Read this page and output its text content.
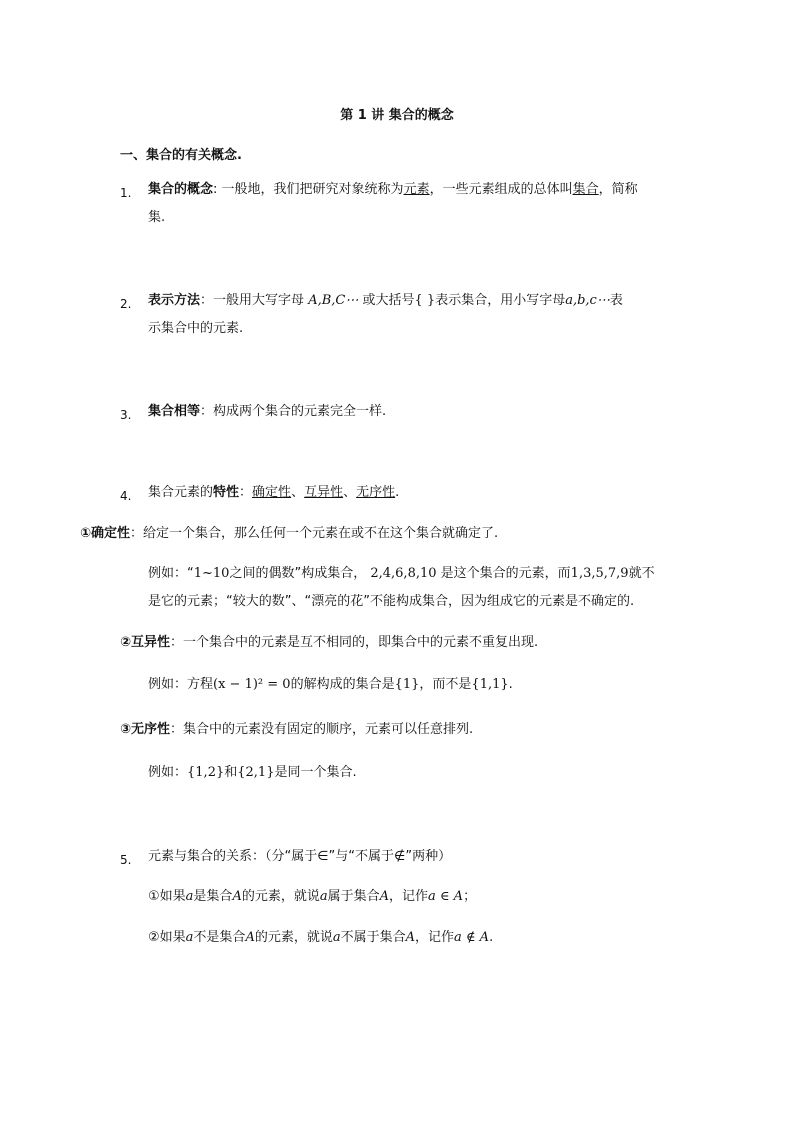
第 1 讲 集合的概念
一、集合的有关概念.
1. 集合的概念: 一般地，我们把研究对象统称为元素，一些元素组成的总体叫集合，简称
集.
2. 表示方法：一般用大写字母 A,B,C⋯ 或大括号{ }表示集合，用小写字母a,b,c⋯表
示集合中的元素.
3. 集合相等：构成两个集合的元素完全一样.
4. 集合元素的特性：确定性、互异性、无序性.
①确定性：给定一个集合，那么任何一个元素在或不在这个集合就确定了.
例如：“1~10之间的偶数”构成集合， 2,4,6,8,10 是这个集合的元素，而1,3,5,7,9就不
是它的元素；“较大的数”、“漂亮的花”不能构成集合，因为组成它的元素是不确定的.
②互异性：一个集合中的元素是互不相同的，即集合中的元素不重复出现.
例如：方程(x − 1)² = 0的解构成的集合是{1}，而不是{1,1}.
③无序性：集合中的元素没有固定的顺序，元素可以任意排列.
例如：{1,2}和{2,1}是同一个集合.
5. 元素与集合的关系：（分“属于∈”与“不属于∉”两种）
①如果a是集合A的元素，就说a属于集合A，记作a ∈ A；
②如果a不是集合A的元素，就说a不属于集合A，记作a ∉ A.
